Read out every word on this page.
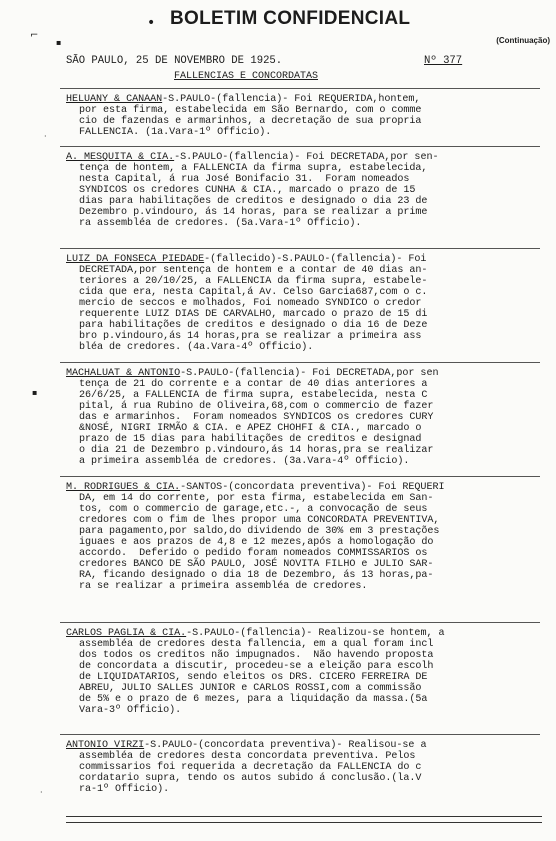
⌐
▪
• BOLETIM CONFIDENCIAL
(Continuação)
SÃO PAULO, 25 DE NOVEMBRO DE 1925.	Nº 377
FALLENCIAS E CONCORDATAS
HELUANY & CANAAN-S.PAULO-(fallencia)- Foi REQUERIDA,hontem,
por esta firma, estabelecida em São Bernardo, com o comme
cio de fazendas e armarinhos, a decretação de sua propria
FALLENCIA. (1a.Vara-1º Officio).
A. MESQUITA & CIA.-S.PAULO-(fallencia)- Foi DECRETADA,por sen-
tença de hontem, a FALLENCIA da firma supra, estabelecida,
nesta Capital, á rua José Bonifacio 31.  Foram nomeados
SYNDICOS os credores CUNHA & CIA., marcado o prazo de 15
dias para habilitações de creditos e designado o dia 23 de
Dezembro p.vindouro, ás 14 horas, para se realizar a prime
ra assembléa de credores. (5a.Vara-1º Officio).
LUIZ DA FONSECA PIEDADE-(fallecido)-S.PAULO-(fallencia)- Foi
DECRETADA,por sentença de hontem e a contar de 40 dias an-
teriores a 20/10/25, a FALLENCIA da firma supra, estabele-
cida que era, nesta Capital,á Av. Celso Garcia687,com o c.
mercio de seccos e molhados, Foi nomeado SYNDICO o credor
requerente LUIZ DIAS DE CARVALHO, marcado o prazo de 15 di
para habilitações de creditos e designado o dia 16 de Deze
bro p.vindouro,ás 14 horas,pra se realizar a primeira ass
bléa de credores. (4a.Vara-4º Officio).
MACHALUAT & ANTONIO-S.PAULO-(fallencia)- Foi DECRETADA,por sen
tença de 21 do corrente e a contar de 40 dias anteriores a
26/6/25, a FALLENCIA de firma supra, estabelecida, nesta C
pital, á rua Rubino de Oliveira,68,com o commercio de fazer
das e armarinhos.  Foram nomeados SYNDICOS os credores CURY
&NOSÉ, NIGRI IRMÃO & CIA. e APEZ CHOHFI & CIA., marcado o
prazo de 15 dias para habilitações de creditos e designad
o dia 21 de Dezembro p.vindouro,ás 14 horas,pra se realizar
a primeira assembléa de credores. (3a.Vara-4º Officio).
M. RODRIGUES & CIA.-SANTOS-(concordata preventiva)- Foi REQUERI
DA, em 14 do corrente, por esta firma, estabelecida em San-
tos, com o commercio de garage,etc.-, a convocação de seus
credores com o fim de lhes propor uma CONCORDATA PREVENTIVA,
para pagamento,por saldo,do dividendo de 30% em 3 prestações
iguaes e aos prazos de 4,8 e 12 mezes,após a homologação do
accordo.  Deferido o pedido foram nomeados COMMISSARIOS os
credores BANCO DE SÃO PAULO, JOSÉ NOVITA FILHO e JULIO SAR-
RA, ficando designado o dia 18 de Dezembro, ás 13 horas,pa-
ra se realizar a primeira assembléa de credores.
CARLOS PAGLIA & CIA.-S.PAULO-(fallencia)- Realizou-se hontem, a
assembléa de credores desta fallencia, em a qual foram incl
dos todos os creditos não impugnados.  Não havendo proposta
de concordata a discutir, procedeu-se a eleição para escolh
de LIQUIDATARIOS, sendo eleitos os DRS. CICERO FERREIRA DE
ABREU, JULIO SALLES JUNIOR e CARLOS ROSSI,com a commissão
de 5% e o prazo de 6 mezes, para a liquidação da massa.(5a
Vara-3º Officio).
ANTONIO VIRZI-S.PAULO-(concordata preventiva)- Realisou-se a
assembléa de credores desta concordata preventiva. Pelos
commissarios foi requerida a decretação da FALLENCIA do c
cordatario supra, tendo os autos subido á conclusão.(la.V
ra-1º Officio).
▪
·
·
